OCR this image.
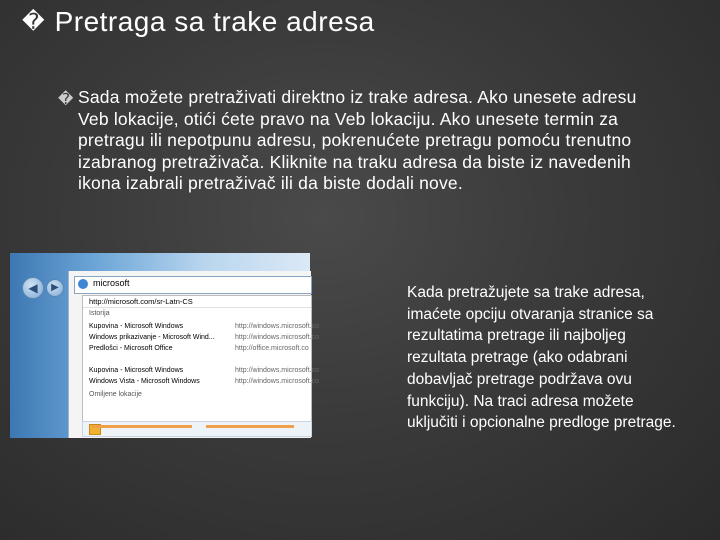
� Pretraga sa trake adresa
� Sada možete pretraživati direktno iz trake adresa. Ako unesete adresu Veb lokacije, otići ćete pravo na Veb lokaciju. Ako unesete termin za pretragu ili nepotpunu adresu, pokrenućete pretragu pomoću trenutno izabranog pretraživača. Kliknite na traku adresa da biste iz navedenih ikona izabrali pretraživač ili da biste dodali nove.
◀	▶	microsoft
http://microsoft.com/sr-Latn-CS
Istorija
Kupovina - Microsoft Windows	http://windows.microsoft.co
Windows prikazivanje - Microsoft Wind...	http://windows.microsoft.co
Predlošci - Microsoft Office	http://office.microsoft.co
Kupovina - Microsoft Windows	http://windows.microsoft.co
Windows Vista - Microsoft Windows	http://windows.microsoft.co
Omiljene lokacije
Kada pretražujete sa trake adresa, imaćete opciju otvaranja stranice sa rezultatima pretrage ili najboljeg rezultata pretrage (ako odabrani dobavljač pretrage podržava ovu funkciju). Na traci adresa možete uključiti i opcionalne predloge pretrage.
